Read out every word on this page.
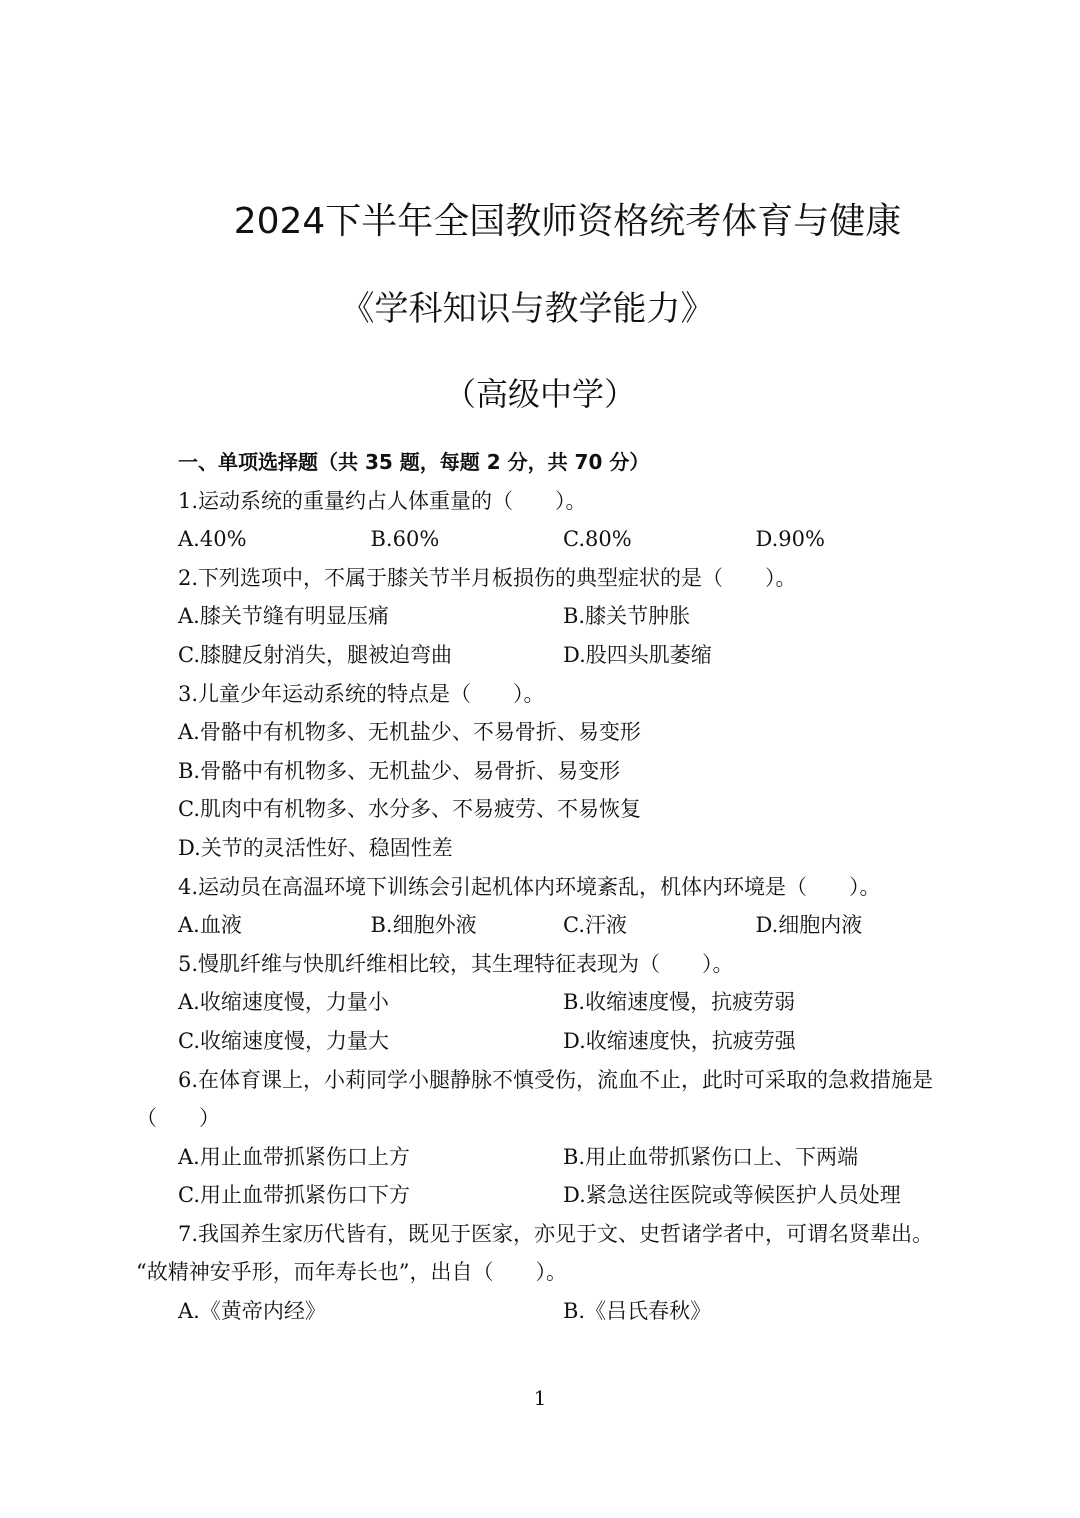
2024下半年全国教师资格统考体育与健康
《学科知识与教学能力》
（高级中学）
一、单项选择题（共 35 题，每题 2 分，共 70 分）
1.运动系统的重量约占人体重量的（　　）。
A.40%	B.60%	C.80%	D.90%
2.下列选项中，不属于膝关节半月板损伤的典型症状的是（　　）。
A.膝关节缝有明显压痛	B.膝关节肿胀
C.膝腱反射消失，腿被迫弯曲	D.股四头肌萎缩
3.儿童少年运动系统的特点是（　　）。
A.骨骼中有机物多、无机盐少、不易骨折、易变形
B.骨骼中有机物多、无机盐少、易骨折、易变形
C.肌肉中有机物多、水分多、不易疲劳、不易恢复
D.关节的灵活性好、稳固性差
4.运动员在高温环境下训练会引起机体内环境紊乱，机体内环境是（　　）。
A.血液	B.细胞外液	C.汗液	D.细胞内液
5.慢肌纤维与快肌纤维相比较，其生理特征表现为（　　）。
A.收缩速度慢，力量小	B.收缩速度慢，抗疲劳弱
C.收缩速度慢，力量大	D.收缩速度快，抗疲劳强
6.在体育课上，小莉同学小腿静脉不慎受伤，流血不止，此时可采取的急救措施是
（　　）
A.用止血带抓紧伤口上方	B.用止血带抓紧伤口上、下两端
C.用止血带抓紧伤口下方	D.紧急送往医院或等候医护人员处理
7.我国养生家历代皆有，既见于医家，亦见于文、史哲诸学者中，可谓名贤辈出。
“故精神安乎形，而年寿长也”，出自（　　）。
A.《黄帝内经》	B.《吕氏春秋》
1
